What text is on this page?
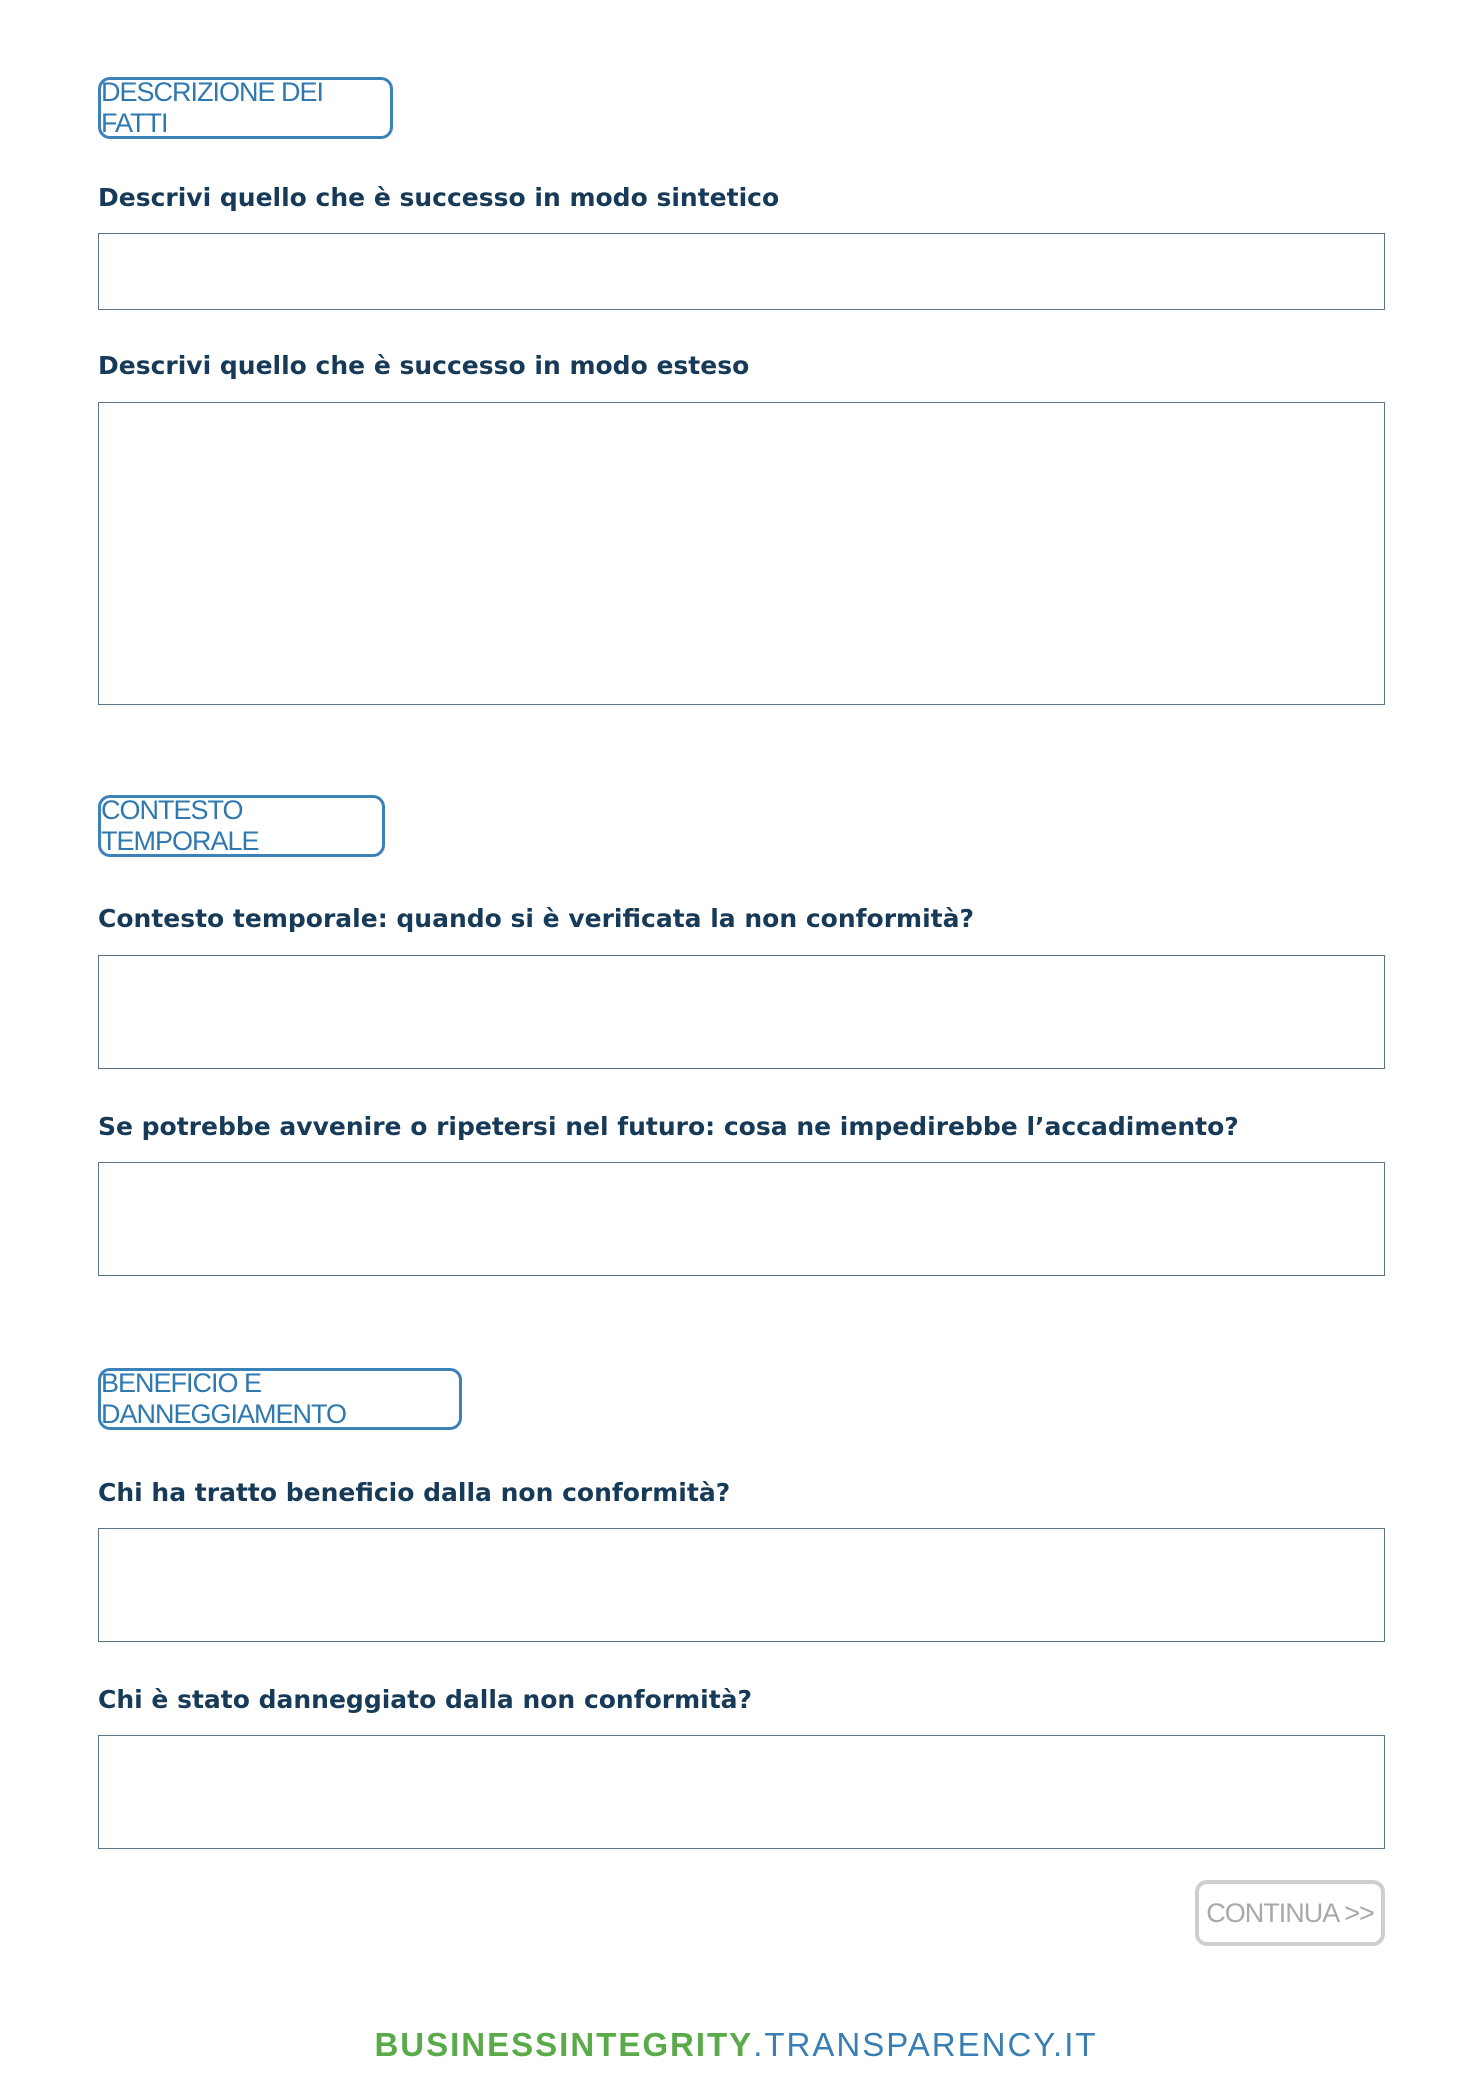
DESCRIZIONE DEI FATTI
Descrivi quello che è successo in modo sintetico
Descrivi quello che è successo in modo esteso
CONTESTO TEMPORALE
Contesto temporale: quando si è verificata la non conformità?
Se potrebbe avvenire o ripetersi nel futuro: cosa ne impedirebbe l’accadimento?
BENEFICIO E DANNEGGIAMENTO
Chi ha tratto beneficio dalla non conformità?
Chi è stato danneggiato dalla non conformità?
CONTINUA >>
BUSINESSINTEGRITY.TRANSPARENCY.IT
